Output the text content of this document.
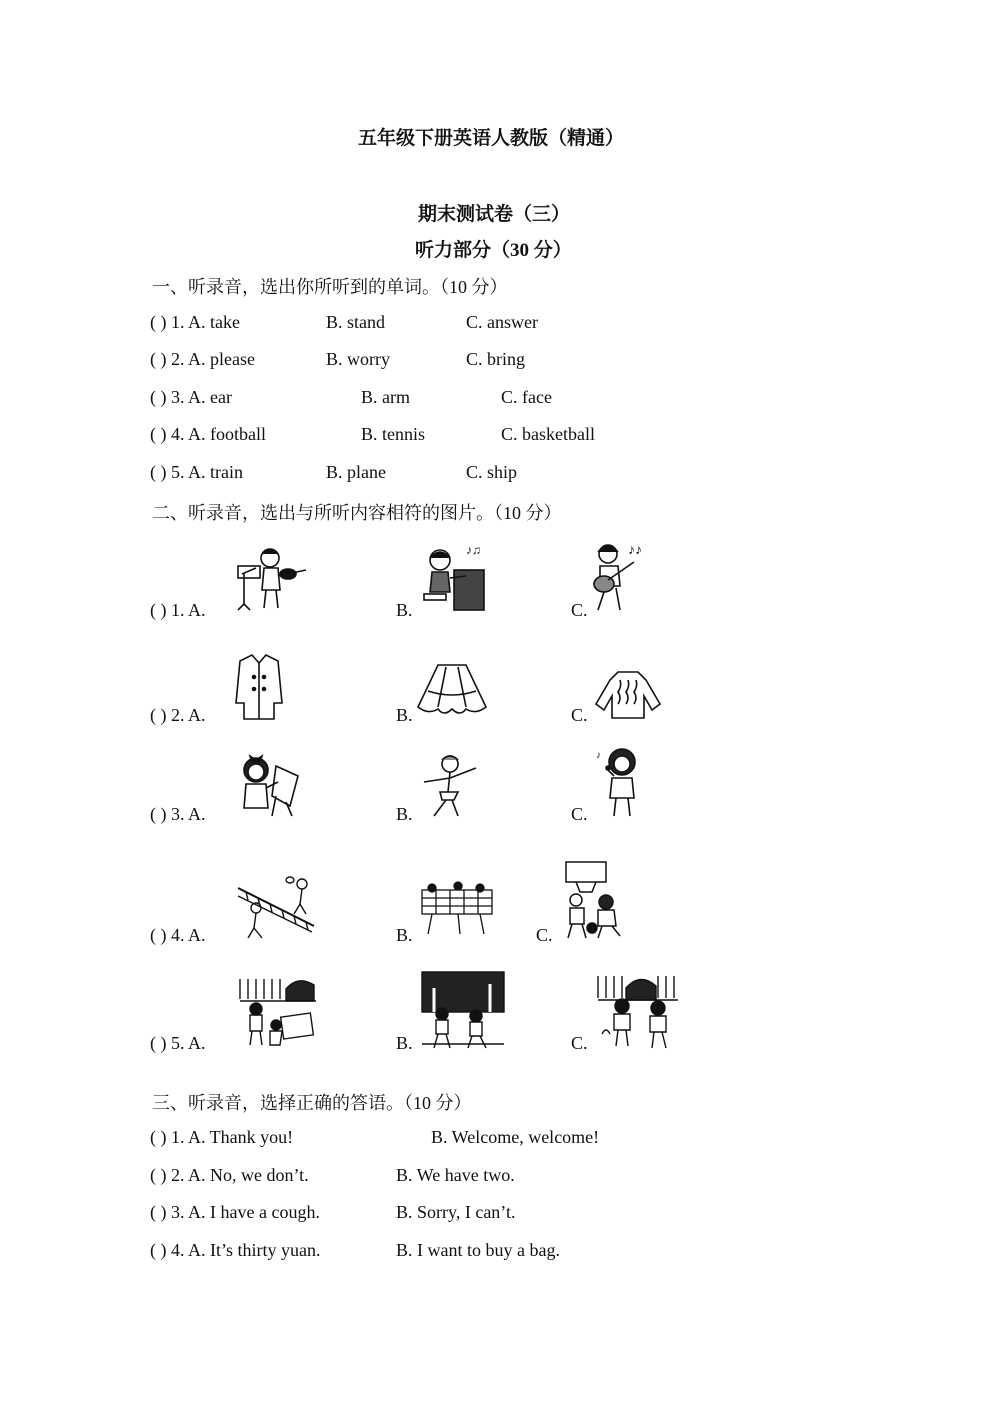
五年级下册英语人教版（精通）
期末测试卷（三）
听力部分（30 分）
一、听录音，选出你所听到的单词。（10 分）
( ) 1. A. take	B. stand	C. answer
( ) 2. A. please	B. worry	C. bring
( ) 3. A. ear	B. arm	C. face
( ) 4. A. football	B. tennis	C. basketball
( ) 5. A. train	B. plane	C. ship
二、听录音，选出与所听内容相符的图片。（10 分）
( ) 1. A.	B.	C.
♪♫	♪♪
( ) 2. A.	B.	C.
( ) 3. A.	B.	C.
♪
( ) 4. A.	B.	C.
( ) 5. A.	B.	C.
三、听录音，选择正确的答语。（10 分）
( ) 1. A. Thank you!	B. Welcome, welcome!
( ) 2. A. No, we don’t.	B. We have two.
( ) 3. A. I have a cough.	B. Sorry, I can’t.
( ) 4. A. It’s thirty yuan.	B. I want to buy a bag.
